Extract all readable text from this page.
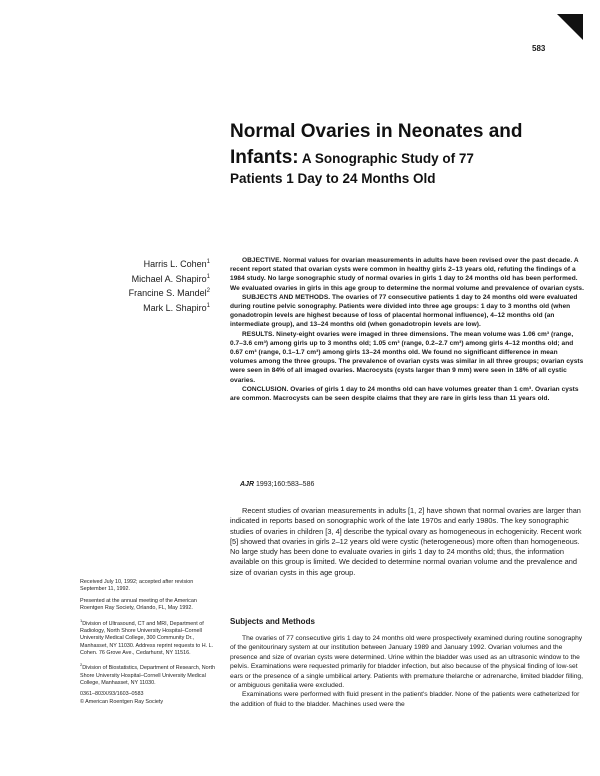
583
Normal Ovaries in Neonates and Infants: A Sonographic Study of 77
Patients 1 Day to 24 Months Old
Harris L. Cohen$^1$
Michael A. Shapiro$^1$
Francine S. Mandel$^2$
Mark L. Shapiro$^1$

OBJECTIVE. Normal values for ovarian measurements in adults have been revised over the past decade. A recent report stated that ovarian cysts were common in healthy girls 2–13 years old, refuting the findings of a 1984 study. No large sonographic study of normal ovaries in girls 1 day to 24 months old has been performed. We evaluated ovaries in girls in this age group to determine the normal volume and prevalence of ovarian cysts.

SUBJECTS AND METHODS. The ovaries of 77 consecutive patients 1 day to 24 months old were evaluated during routine pelvic sonography. Patients were divided into three age groups: 1 day to 3 months old (when gonadotropin levels are highest because of loss of placental hormonal influence), 4–12 months old (an intermediate group), and 13–24 months old (when gonadotropin levels are low).

RESULTS. Ninety-eight ovaries were imaged in three dimensions. The mean volume was 1.06 cm³ (range, 0.7–3.6 cm³) among girls up to 3 months old; 1.05 cm³ (range, 0.2–2.7 cm³) among girls 4–12 months old; and 0.67 cm³ (range, 0.1–1.7 cm³) among girls 13–24 months old. We found no significant difference in mean volumes among the three groups. The prevalence of ovarian cysts was similar in all three groups; ovarian cysts were seen in 84% of all imaged ovaries. Macrocysts (cysts larger than 9 mm) were seen in 18% of all cystic ovaries.

CONCLUSION. Ovaries of girls 1 day to 24 months old can have volumes greater than 1 cm³. Ovarian cysts are common. Macrocysts can be seen despite claims that they are rare in girls less than 11 years old.

AJR 1993;160:583–586

Recent studies of ovarian measurements in adults [1, 2] have shown that normal ovaries are larger than indicated in reports based on sonographic work of the late 1970s and early 1980s. The key sonographic studies of ovaries in children [3, 4] describe the typical ovary as homogeneous in echogenicity. Recent work [5] showed that ovaries in girls 2–12 years old were cystic (heterogeneous) more often than homogeneous. No large study has been done to evaluate ovaries in girls 1 day to 24 months old; thus, the information available on this group is limited. We decided to determine normal ovarian volume and the prevalence and size of ovarian cysts in this age group.

Subjects and Methods

The ovaries of 77 consecutive girls 1 day to 24 months old were prospectively examined during routine sonography of the genitourinary system at our institution between January 1989 and January 1992. Ovarian volumes and the presence and size of ovarian cysts were determined. Urine within the bladder was used as an ultrasonic window to the pelvis. Examinations were requested primarily for bladder infection, but also because of the physical finding of low-set ears or the presence of a single umbilical artery. Patients with premature thelarche or adrenarche, limited bladder filling, or ambiguous genitalia were excluded.

Examinations were performed with fluid present in the patient's bladder. None of the patients were catheterized for the addition of fluid to the bladder. Machines used were the

Received July 10, 1992; accepted after revision September 11, 1992.

Presented at the annual meeting of the American Roentgen Ray Society, Orlando, FL, May 1992.

$^1$Division of Ultrasound, CT and MRI, Department of Radiology, North Shore University Hospital–Cornell University Medical College, 300 Community Dr., Manhasset, NY 11030. Address reprint requests to H. L. Cohen. 76 Grove Ave., Cedarhurst, NY 11516.

$^2$Division of Biostatistics, Department of Research, North Shore University Hospital–Cornell University Medical College, Manhasset, NY 11030.

0361–803X/93/1603–0583

© American Roentgen Ray Society
